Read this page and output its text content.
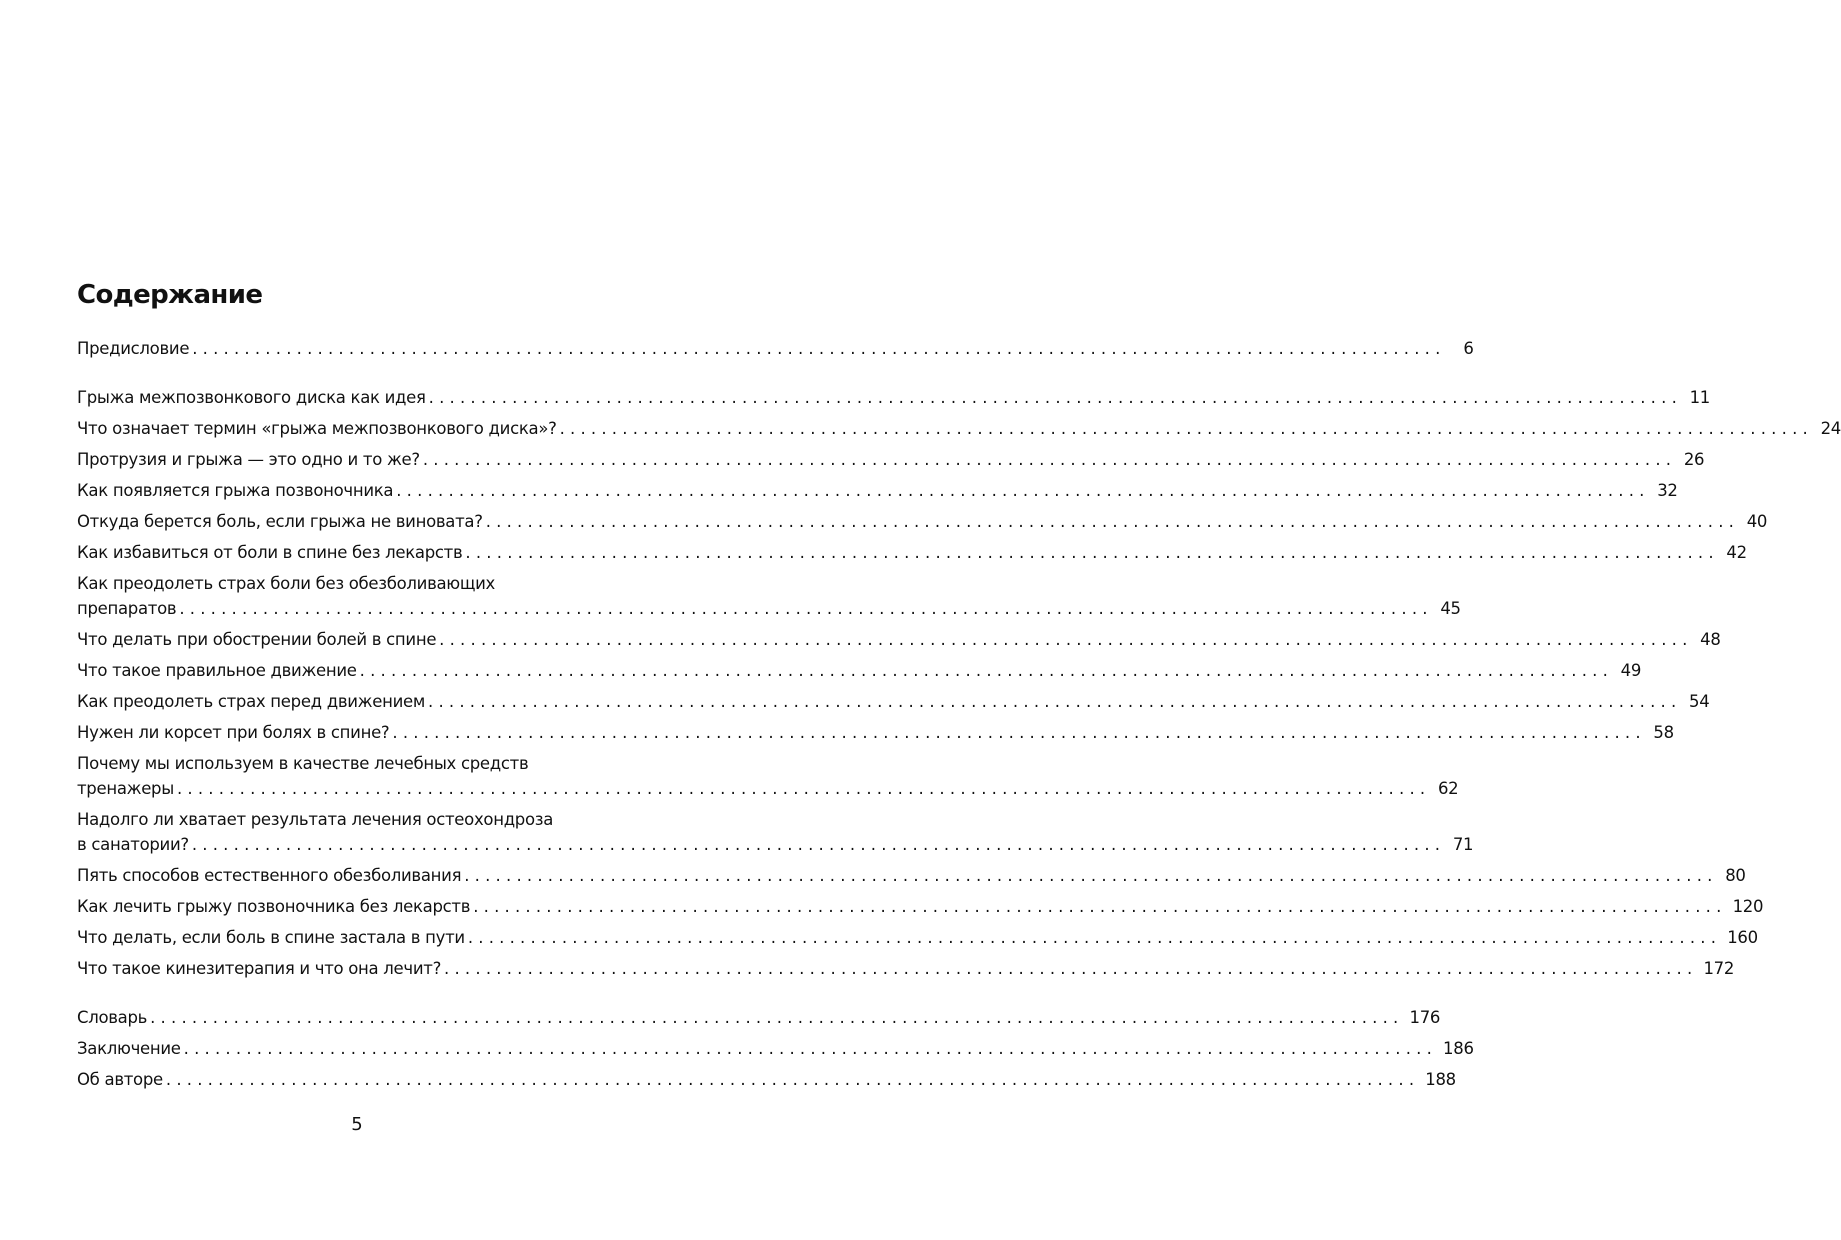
Содержание
Предисловие ........................................................................................................................	6
Грыжа межпозвонкового диска как идея ........................................................................................................................ 11
Что означает термин «грыжа межпозвонкового диска»? ........................................................................................................................ 24
Протрузия и грыжа — это одно и то же? ........................................................................................................................ 26
Как появляется грыжа позвоночника ........................................................................................................................ 32
Откуда берется боль, если грыжа не виновата? ........................................................................................................................ 40
Как избавиться от боли в спине без лекарств ........................................................................................................................ 42
Как преодолеть страх боли без обезболивающих
препаратов ........................................................................................................................ 45
Что делать при обострении болей в спине ........................................................................................................................ 48
Что такое правильное движение ........................................................................................................................ 49
Как преодолеть страх перед движением ........................................................................................................................ 54
Нужен ли корсет при болях в спине? ........................................................................................................................ 58
Почему мы используем в качестве лечебных средств
тренажеры ........................................................................................................................ 62
Надолго ли хватает результата лечения остеохондроза
в санатории? ........................................................................................................................ 71
Пять способов естественного обезболивания ........................................................................................................................ 80
Как лечить грыжу позвоночника без лекарств ........................................................................................................................ 120
Что делать, если боль в спине застала в пути ........................................................................................................................ 160
Что такое кинезитерапия и что она лечит? ........................................................................................................................ 172
Словарь ........................................................................................................................ 176
Заключение ........................................................................................................................ 186
Об авторе ........................................................................................................................ 188
5
